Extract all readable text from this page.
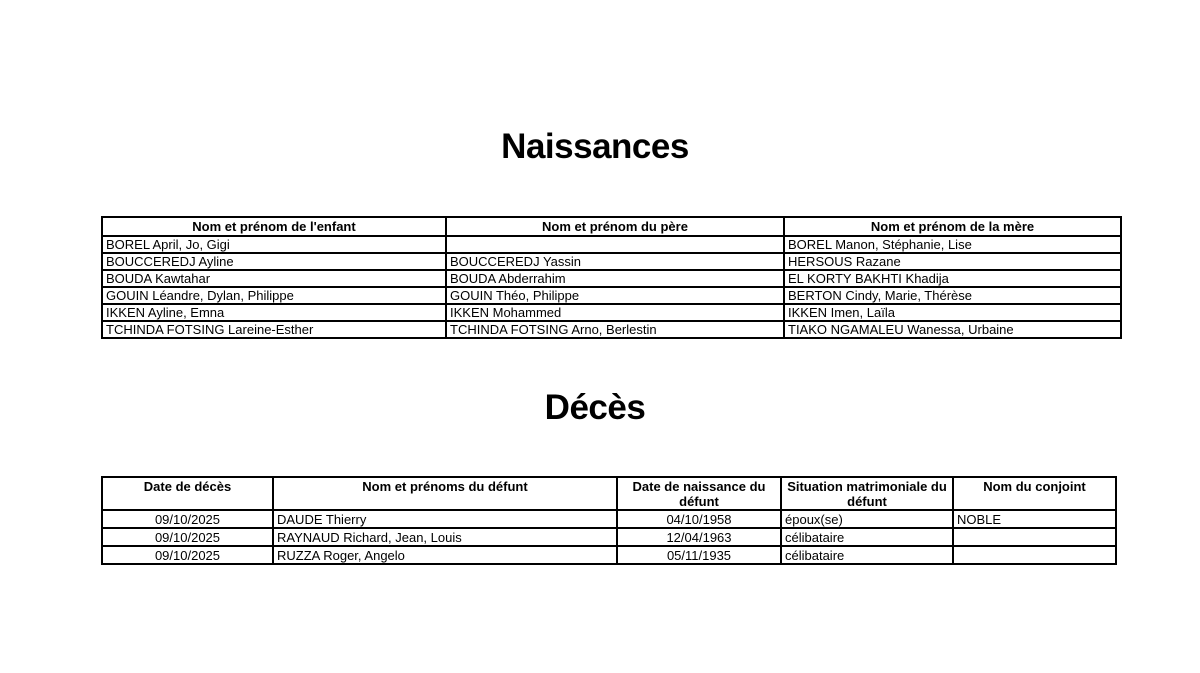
Naissances
Nom et prénom de l'enfant	Nom et prénom du père	Nom et prénom de la mère
BOREL April, Jo, Gigi		BOREL Manon, Stéphanie, Lise
BOUCCEREDJ Ayline	BOUCCEREDJ Yassin	HERSOUS Razane
BOUDA Kawtahar	BOUDA Abderrahim	EL KORTY BAKHTI Khadija
GOUIN Léandre, Dylan, Philippe	GOUIN Théo, Philippe	BERTON Cindy, Marie, Thérèse
IKKEN Ayline, Emna	IKKEN Mohammed	IKKEN Imen, Laïla
TCHINDA FOTSING Lareine-Esther	TCHINDA FOTSING Arno, Berlestin	TIAKO NGAMALEU Wanessa, Urbaine
Décès
Date de décès	Nom et prénoms du défunt	Date de naissance du défunt	Situation matrimoniale du défunt	Nom du conjoint
09/10/2025	DAUDE Thierry	04/10/1958	époux(se)	NOBLE
09/10/2025	RAYNAUD Richard, Jean, Louis	12/04/1963	célibataire	
09/10/2025	RUZZA Roger, Angelo	05/11/1935	célibataire	
